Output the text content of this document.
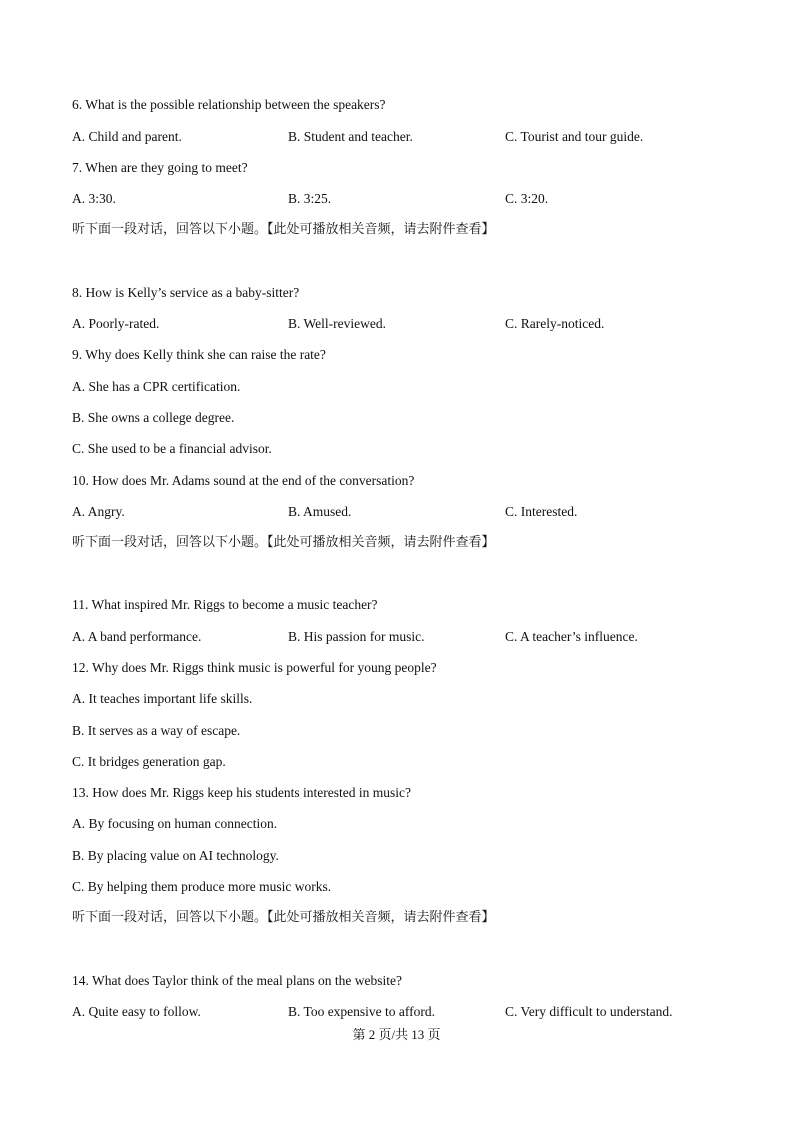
6. What is the possible relationship between the speakers?
A. Child and parent.	B. Student and teacher.	C. Tourist and tour guide.
7. When are they going to meet?
A. 3:30.	B. 3:25.	C. 3:20.
听下面一段对话，回答以下小题。【此处可播放相关音频，请去附件查看】
8. How is Kelly’s service as a baby-sitter?
A. Poorly-rated.	B. Well-reviewed.	C. Rarely-noticed.
9. Why does Kelly think she can raise the rate?
A. She has a CPR certification.
B. She owns a college degree.
C. She used to be a financial advisor.
10. How does Mr. Adams sound at the end of the conversation?
A. Angry.	B. Amused.	C. Interested.
听下面一段对话，回答以下小题。【此处可播放相关音频，请去附件查看】
11. What inspired Mr. Riggs to become a music teacher?
A. A band performance.	B. His passion for music.	C. A teacher’s influence.
12. Why does Mr. Riggs think music is powerful for young people?
A. It teaches important life skills.
B. It serves as a way of escape.
C. It bridges generation gap.
13. How does Mr. Riggs keep his students interested in music?
A. By focusing on human connection.
B. By placing value on AI technology.
C. By helping them produce more music works.
听下面一段对话，回答以下小题。【此处可播放相关音频，请去附件查看】
14. What does Taylor think of the meal plans on the website?
A. Quite easy to follow.	B. Too expensive to afford.	C. Very difficult to understand.
第 2 页/共 13 页
